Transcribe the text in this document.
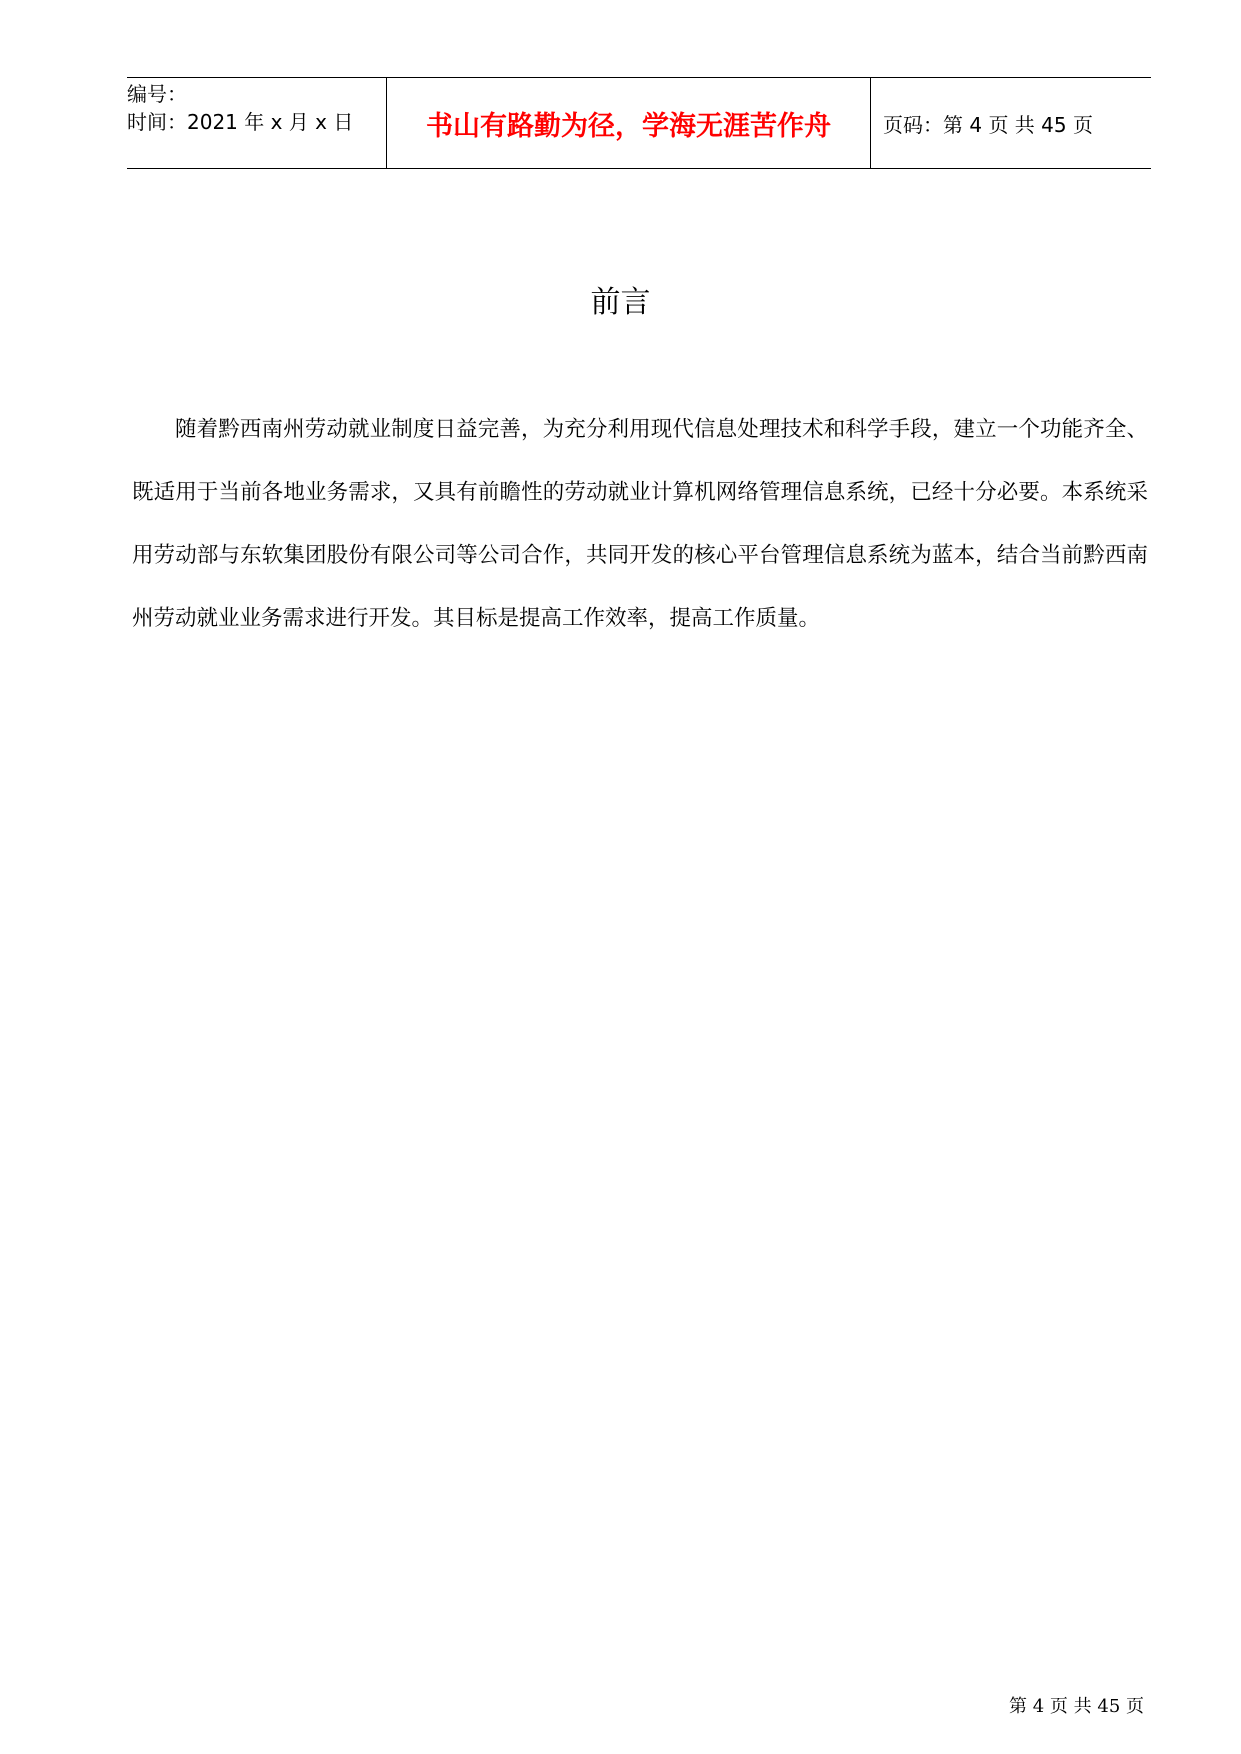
编号：
时间：2021 年 x 月 x 日	书山有路勤为径，学海无涯苦作舟	页码：第 4 页 共 45 页
前言

随着黔西南州劳动就业制度日益完善，为充分利用现代信息处理技术和科学手段，建立一个功能齐全、既适用于当前各地业务需求，又具有前瞻性的劳动就业计算机网络管理信息系统，已经十分必要。本系统采用劳动部与东软集团股份有限公司等公司合作，共同开发的核心平台管理信息系统为蓝本，结合当前黔西南州劳动就业业务需求进行开发。其目标是提高工作效率，提高工作质量。

第 4 页 共 45 页
